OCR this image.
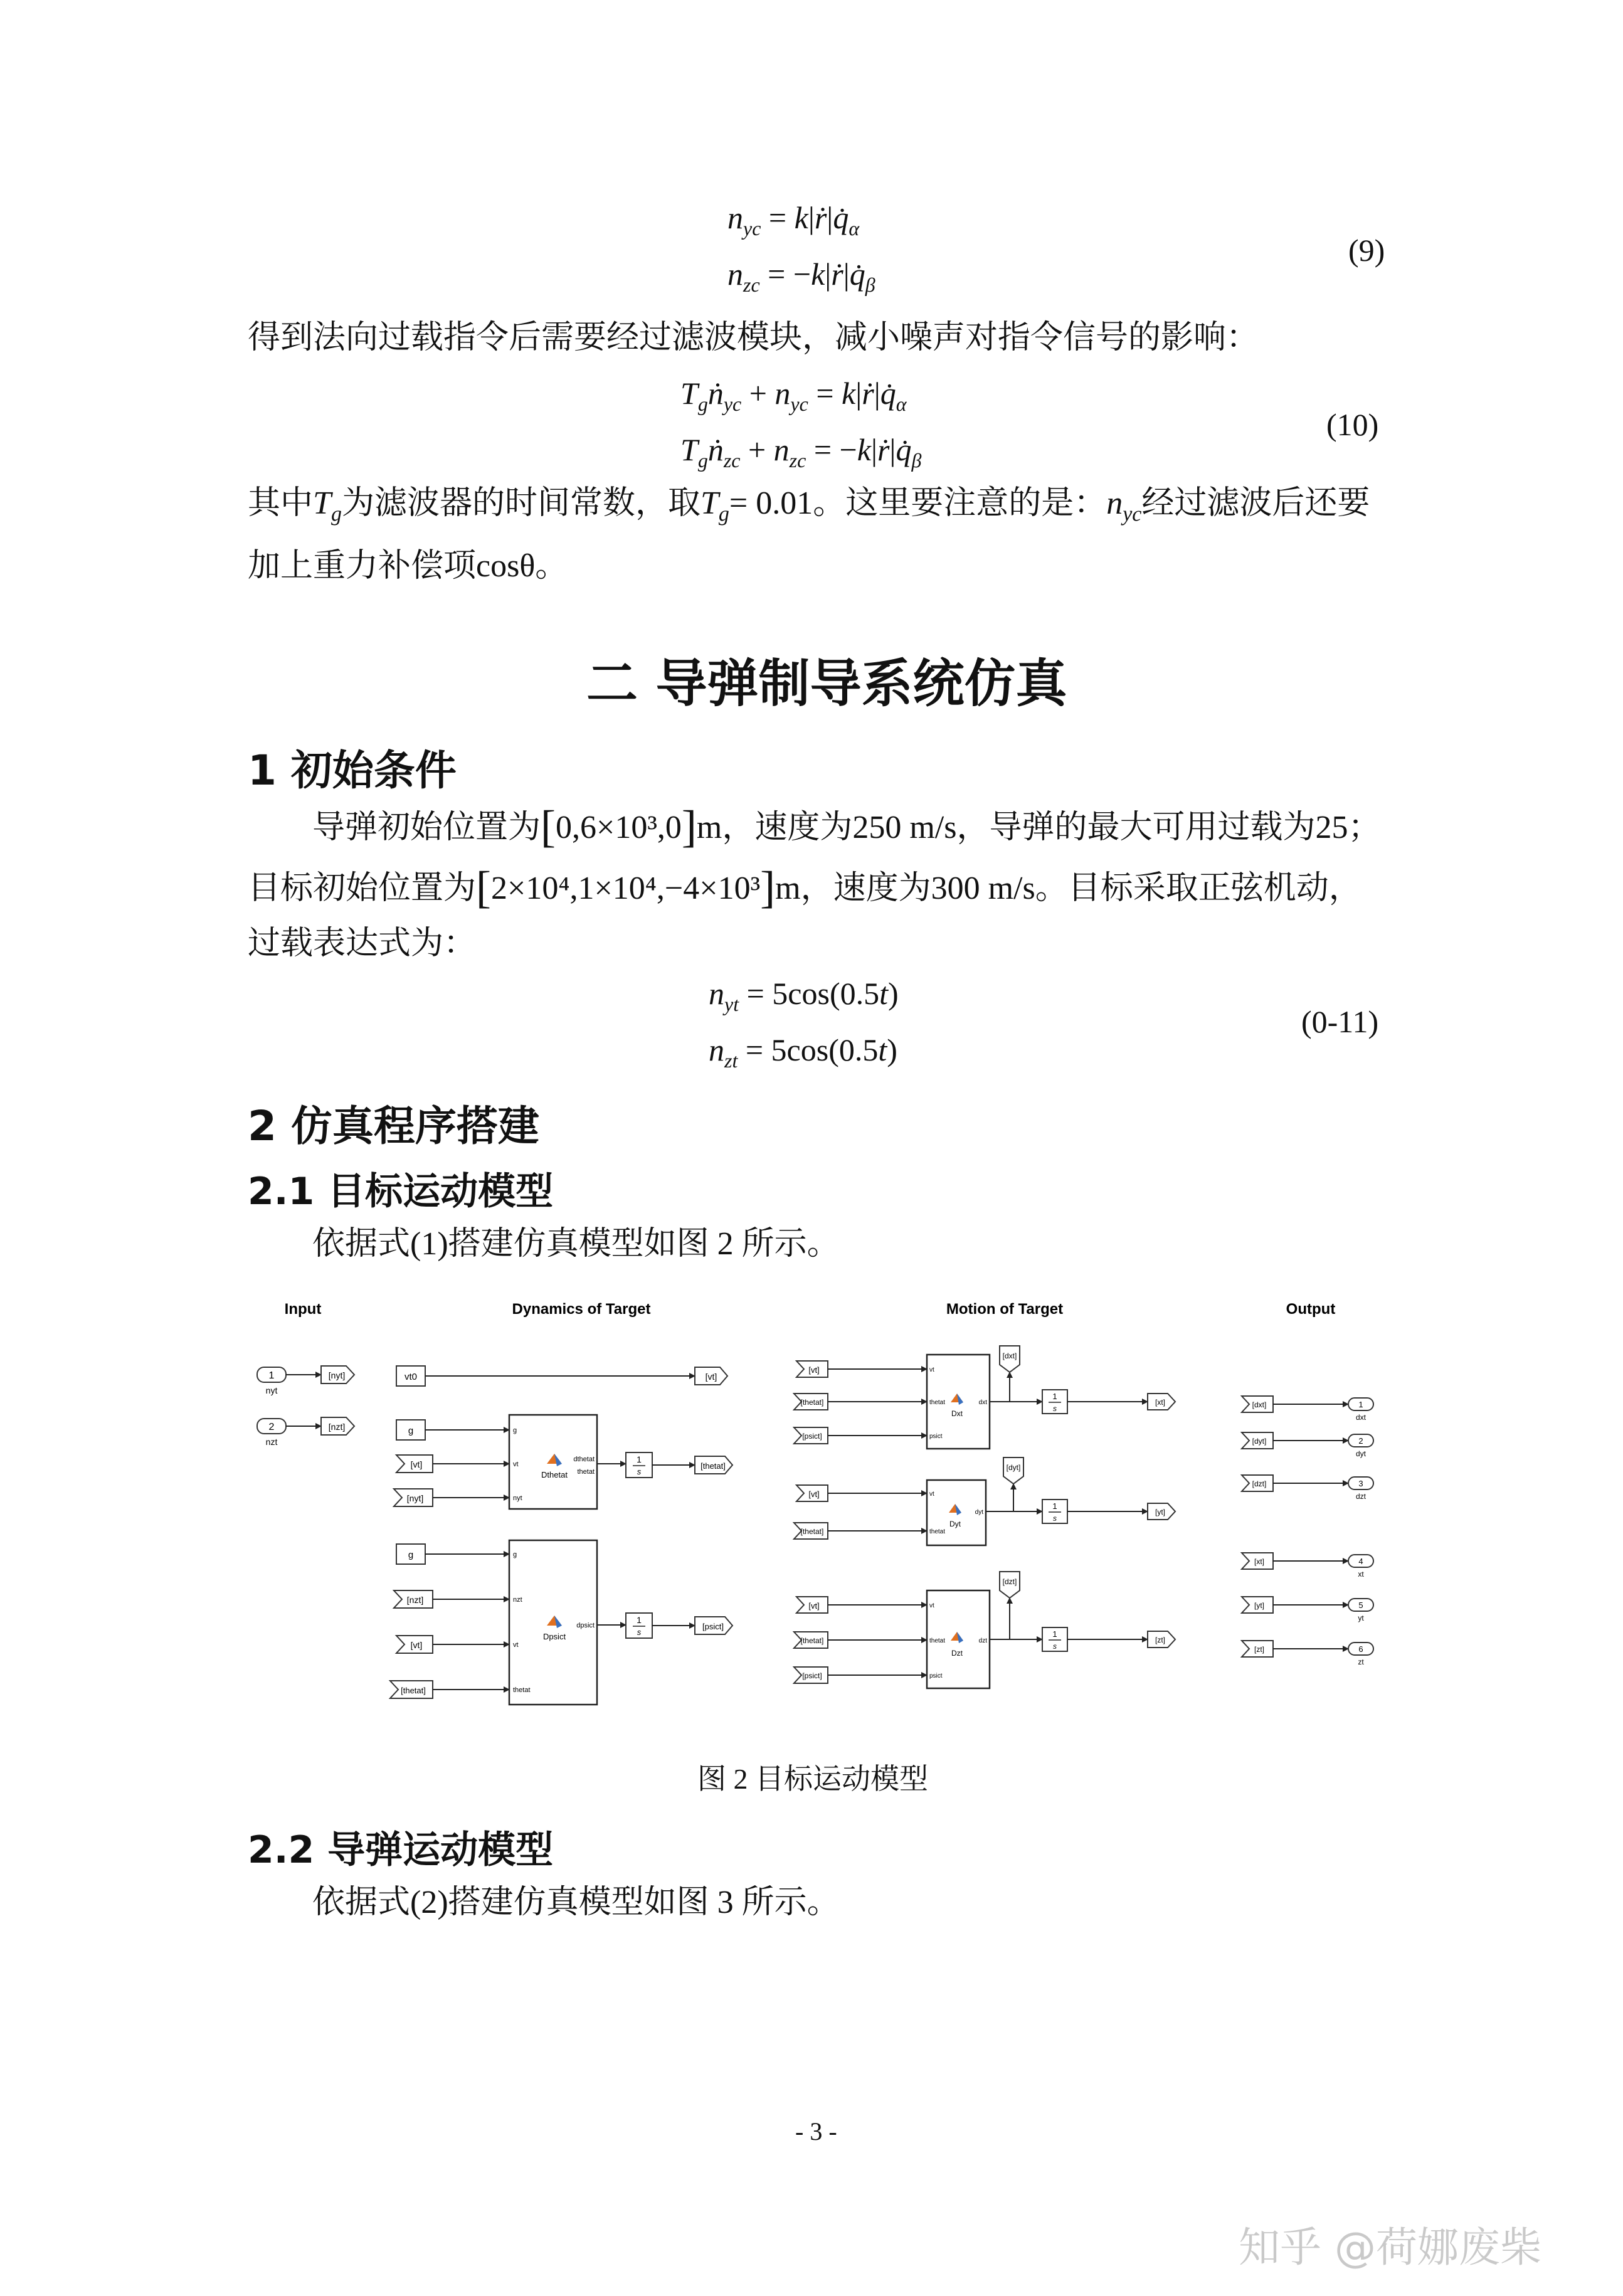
$n_{yc}$ = $k|ṙ|q̇_\alpha$
$n_{zc}$ = $-k|ṙ|q̇_\beta$
(9)
得到法向过载指令后需要经过滤波模块，减小噪声对指令信号的影响：
$T_gṅ_{yc} + n_{yc}$ = $k|ṙ|q̇_\alpha$
$T_gṅ_{zc} + n_{zc}$ = $-k|ṙ|q̇_\beta$
(10)
其中$T_g$为滤波器的时间常数，取$T_g= 0.01$。这里要注意的是：$n_{yc}$经过滤波后还要
加上重力补偿项cosθ。
二 导弹制导系统仿真
1 初始条件
导弹初始位置为[0,6×10³,0]m，速度为250 m/s，导弹的最大可用过载为25；
目标初始位置为[2×10⁴,1×10⁴,−4×10³]m，速度为300 m/s。目标采取正弦机动，
过载表达式为：
$n_{yt} = 5\cos(0.5t)$
$n_{zt} = 5\cos(0.5t)$
(0-11)
2 仿真程序搭建
2.1 目标运动模型
依据式(1)搭建仿真模型如图 2 所示。
Input	Dynamics of Target	Motion of Target	Output
1
nyt
[nyt]
2
nzt
[nzt]
vt0	[vt]
g
[vt]
[nyt]
g
vt
nyt
dthetat
thetat
Dthetat
1
s
[thetat]
g
[nzt]
[vt]
[thetat]
g
nzt
vt
thetat
dpsict
Dpsict
1
s
[psict]
[vt]
[thetat]
[psict]
vt
thetat
psict
dxt
Dxt
[dxt]
1
s
[xt]
[vt]
[thetat]
vt
thetat
dyt
Dyt
[dyt]
1
s
[yt]
[vt]
[thetat]
[psict]
vt
thetat
psict
dzt
Dzt
[dzt]
1
s
[zt]
[dxt]	1
dxt
[dyt]	2
dyt
[dzt]	3
dzt
[xt]	4
xt
[yt]	5
yt
[zt]	6
zt
图 2 目标运动模型
2.2 导弹运动模型
依据式(2)搭建仿真模型如图 3 所示。
- 3 -
知乎 @荷娜废柴
